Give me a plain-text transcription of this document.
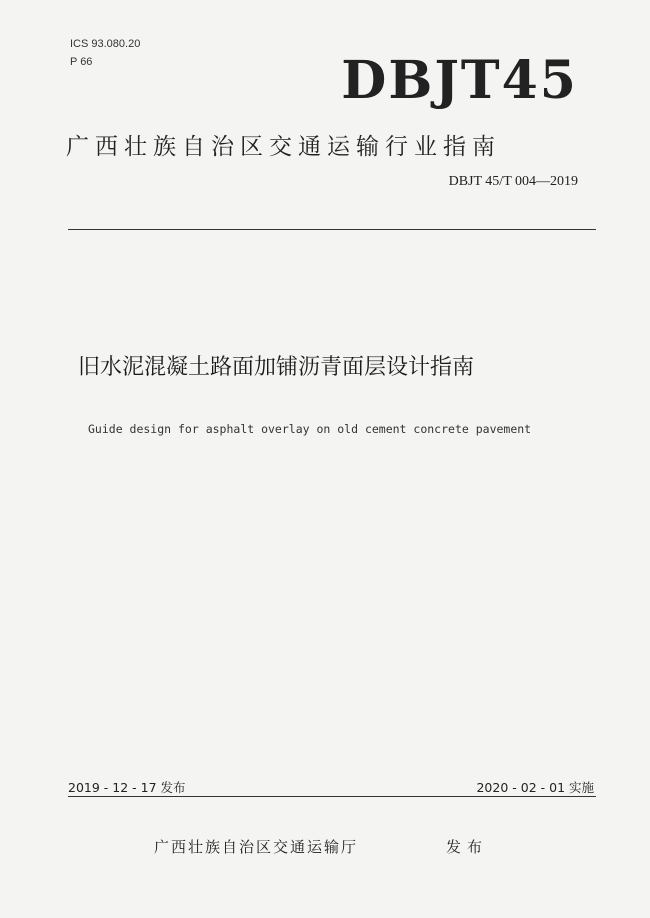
ICS 93.080.20
P 66	DBJT45
广西壮族自治区交通运输行业指南
DBJT 45/T 004—2019
旧水泥混凝土路面加铺沥青面层设计指南
Guide design for asphalt overlay on old cement concrete pavement
2019 - 12 - 17 发布	2020 - 02 - 01 实施
广西壮族自治区交通运输厅	发布
